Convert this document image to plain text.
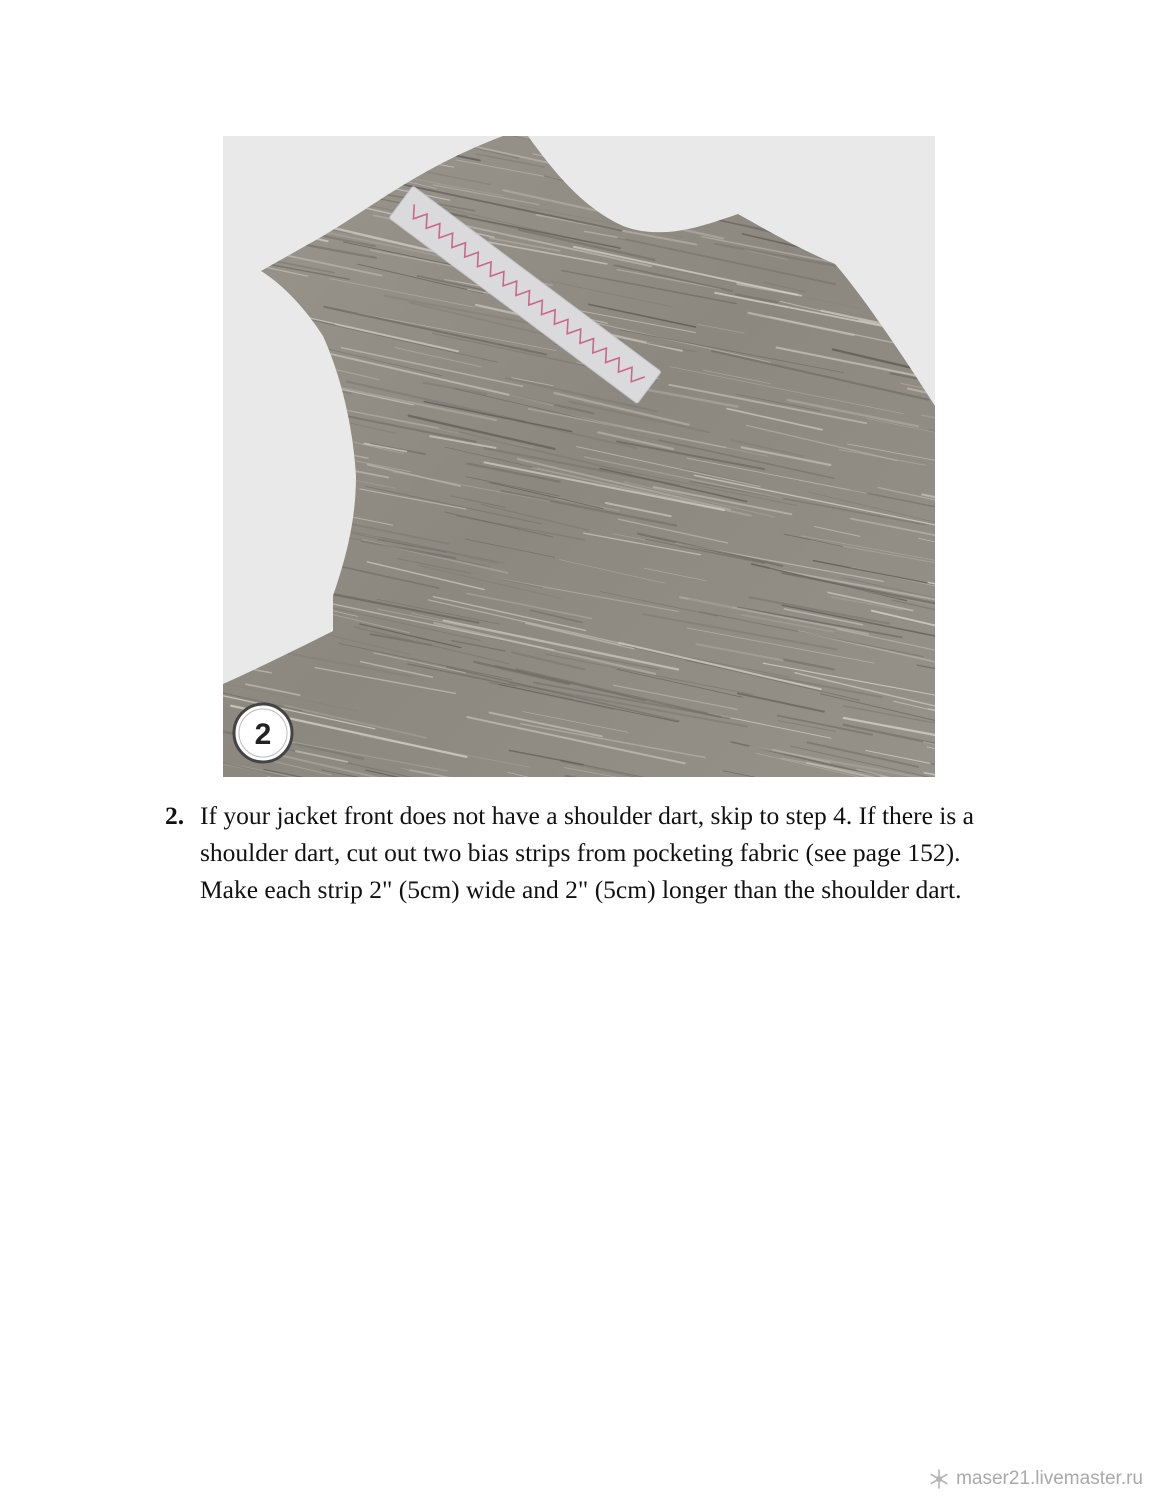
2
2. If your jacket front does not have a shoulder dart, skip to step 4. If there is a shoulder dart, cut out two bias strips from pocketing fabric (see page 152). Make each strip 2" (5cm) wide and 2" (5cm) longer than the shoulder dart.
maser21.livemaster.ru
